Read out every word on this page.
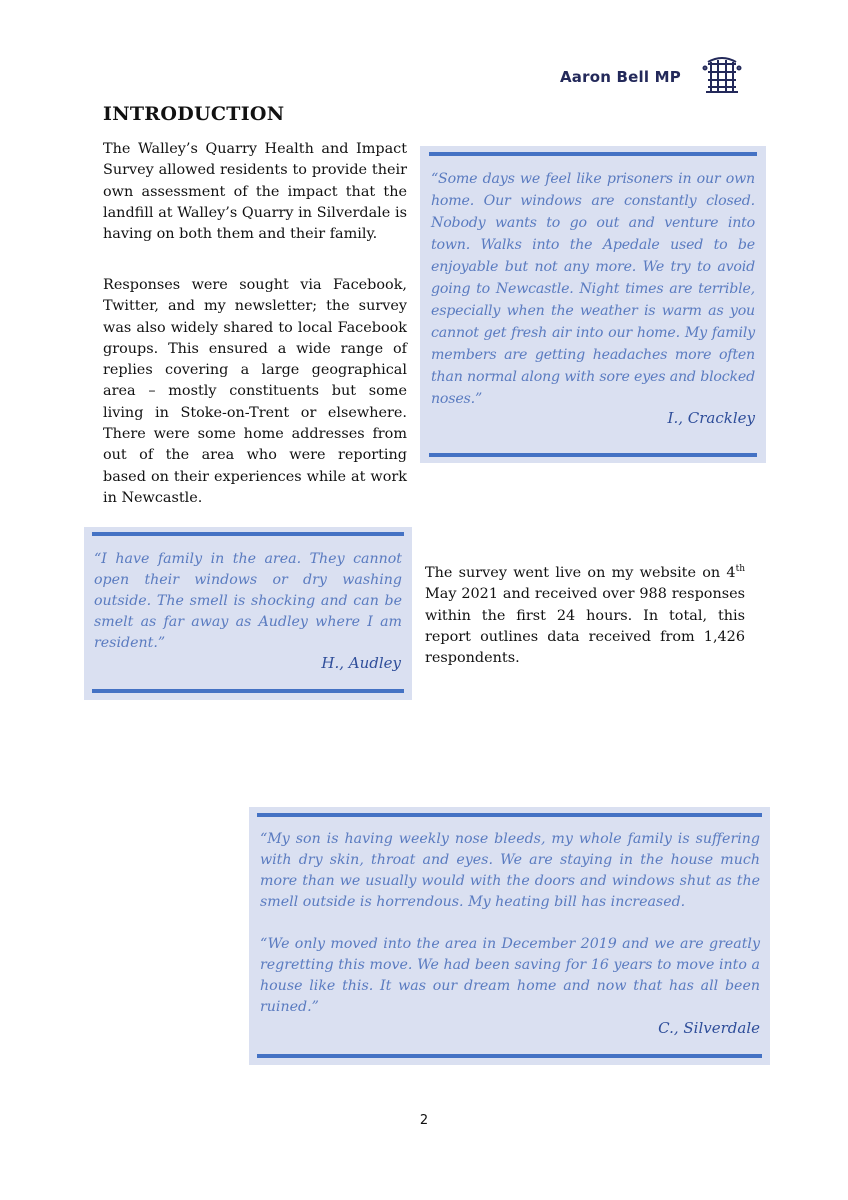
Aaron Bell MP
INTRODUCTION

The Walley’s Quarry Health and Impact Survey allowed residents to provide their own assessment of the impact that the landfill at Walley’s Quarry in Silverdale is having on both them and their family.

Responses were sought via Facebook, Twitter, and my newsletter; the survey was also widely shared to local Facebook groups. This ensured a wide range of replies covering a large geographical area – mostly constituents but some living in Stoke-on-Trent or elsewhere. There were some home addresses from out of the area who were reporting based on their experiences while at work in Newcastle.

The survey went live on my website on 4th May 2021 and received over 988 responses within the first 24 hours. In total, this report outlines data received from 1,426 respondents.

“Some days we feel like prisoners in our own home. Our windows are constantly closed. Nobody wants to go out and venture into town. Walks into the Apedale used to be enjoyable but not any more. We try to avoid going to Newcastle. Night times are terrible, especially when the weather is warm as you cannot get fresh air into our home. My family members are getting headaches more often than normal along with sore eyes and blocked noses.”

I., Crackley

“I have family in the area. They cannot open their windows or dry washing outside. The smell is shocking and can be smelt as far away as Audley where I am resident.”

H., Audley

“My son is having weekly nose bleeds, my whole family is suffering with dry skin, throat and eyes. We are staying in the house much more than we usually would with the doors and windows shut as the smell outside is horrendous. My heating bill has increased.

“We only moved into the area in December 2019 and we are greatly regretting this move. We had been saving for 16 years to move into a house like this. It was our dream home and now that has all been ruined.”

C., Silverdale

2
